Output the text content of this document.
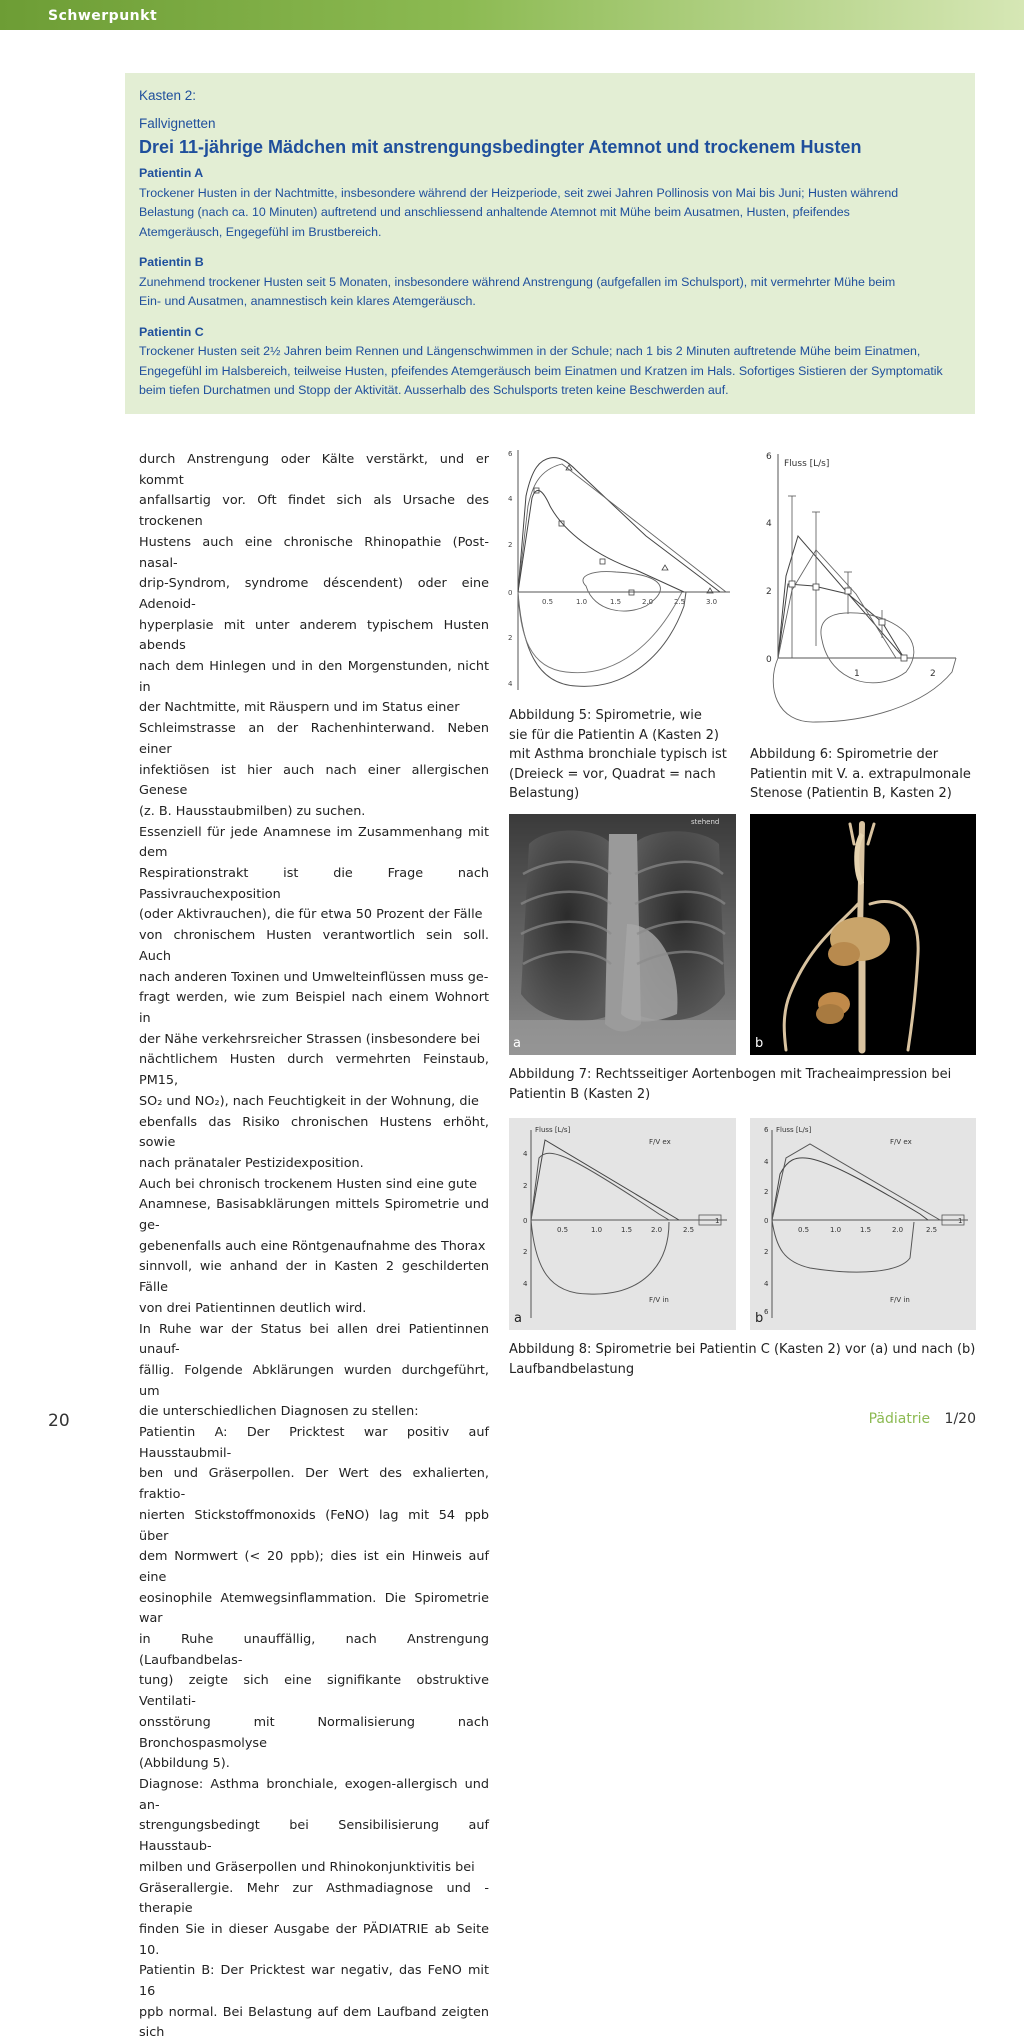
Schwerpunkt
Kasten 2:
Fallvignetten
Drei 11-jährige Mädchen mit anstrengungsbedingter Atemnot und trockenem Husten
Patientin A
Trockener Husten in der Nachtmitte, insbesondere während der Heizperiode, seit zwei Jahren Pollinosis von Mai bis Juni; Husten während
Belastung (nach ca. 10 Minuten) auftretend und anschliessend anhaltende Atemnot mit Mühe beim Ausatmen, Husten, pfeifendes
Atemgeräusch, Engegefühl im Brustbereich.
Patientin B
Zunehmend trockener Husten seit 5 Monaten, insbesondere während Anstrengung (aufgefallen im Schulsport), mit vermehrter Mühe beim
Ein- und Ausatmen, anamnestisch kein klares Atemgeräusch.
Patientin C
Trockener Husten seit 2½ Jahren beim Rennen und Längenschwimmen in der Schule; nach 1 bis 2 Minuten auftretende Mühe beim Einatmen,
Engegefühl im Halsbereich, teilweise Husten, pfeifendes Atemgeräusch beim Einatmen und Kratzen im Hals. Sofortiges Sistieren der Symptomatik
beim tiefen Durchatmen und Stopp der Aktivität. Ausserhalb des Schulsports treten keine Beschwerden auf.

durch Anstrengung oder Kälte verstärkt, und er kommt

anfallsartig vor. Oft findet sich als Ursache des trockenen

Hustens auch eine chronische Rhinopathie (Post-nasal-

drip-Syndrom, syndrome déscendent) oder eine Adenoid-

hyperplasie mit unter anderem typischem Husten abends

nach dem Hinlegen und in den Morgenstunden, nicht in

der Nachtmitte, mit Räuspern und im Status einer

Schleimstrasse an der Rachenhinterwand. Neben einer

infektiösen ist hier auch nach einer allergischen Genese

(z. B. Hausstaubmilben) zu suchen.

Essenziell für jede Anamnese im Zusammenhang mit dem

Respirationstrakt ist die Frage nach Passivrauchexposition

(oder Aktivrauchen), die für etwa 50 Prozent der Fälle

von chronischem Husten verantwortlich sein soll. Auch

nach anderen Toxinen und Umwelteinflüssen muss ge-

fragt werden, wie zum Beispiel nach einem Wohnort in

der Nähe verkehrsreicher Strassen (insbesondere bei

nächtlichem Husten durch vermehrten Feinstaub, PM15,

SO₂ und NO₂), nach Feuchtigkeit in der Wohnung, die

ebenfalls das Risiko chronischen Hustens erhöht, sowie

nach pränataler Pestizidexposition.

Auch bei chronisch trockenem Husten sind eine gute

Anamnese, Basisabklärungen mittels Spirometrie und ge-

gebenenfalls auch eine Röntgenaufnahme des Thorax

sinnvoll, wie anhand der in Kasten 2 geschilderten Fälle

von drei Patientinnen deutlich wird.

In Ruhe war der Status bei allen drei Patientinnen unauf-

fällig. Folgende Abklärungen wurden durchgeführt, um

die unterschiedlichen Diagnosen zu stellen:

Patientin A: Der Pricktest war positiv auf Hausstaubmil-

ben und Gräserpollen. Der Wert des exhalierten, fraktio-

nierten Stickstoffmonoxids (FeNO) lag mit 54 ppb über

dem Normwert (< 20 ppb); dies ist ein Hinweis auf eine

eosinophile Atemwegsinflammation. Die Spirometrie war

in Ruhe unauffällig, nach Anstrengung (Laufbandbelas-

tung) zeigte sich eine signifikante obstruktive Ventilati-

onsstörung mit Normalisierung nach Bronchospasmolyse

(Abbildung 5).

Diagnose: Asthma bronchiale, exogen-allergisch und an-

strengungsbedingt bei Sensibilisierung auf Hausstaub-

milben und Gräserpollen und Rhinokonjunktivitis bei

Gräserallergie. Mehr zur Asthmadiagnose und -therapie

finden Sie in dieser Ausgabe der PÄDIATRIE ab Seite 10.

Patientin B: Der Pricktest war negativ, das FeNO mit 16

ppb normal. Bei Belastung auf dem Laufband zeigten sich

6
4
2
0
2
4
0.5	1.0	1.5	2.0	2.5	3.0
Abbildung 5: Spirometrie, wie
sie für die Patientin A (Kasten 2)
mit Asthma bronchiale typisch ist
(Dreieck = vor, Quadrat = nach
Belastung)
6
4
2
0
1	2
Fluss [L/s]
Abbildung 6: Spirometrie der
Patientin mit V. a. extrapulmonale
Stenose (Patientin B, Kasten 2)
stehend
a	b
Abbildung 7: Rechtsseitiger Aortenbogen mit Tracheaimpression bei
Patientin B (Kasten 2)
Fluss [L/s]
F/V ex
F/V in
4
2
0
2
4
0.5	1.0	1.5	2.0	2.5
1
a
Fluss [L/s]
F/V ex
F/V in
6
4
2
0
2
4
6
0.5	1.0	1.5	2.0	2.5
1
b
Abbildung 8: Spirometrie bei Patientin C (Kasten 2) vor (a) und nach (b)
Laufbandbelastung
20	Pädiatrie 1/20
